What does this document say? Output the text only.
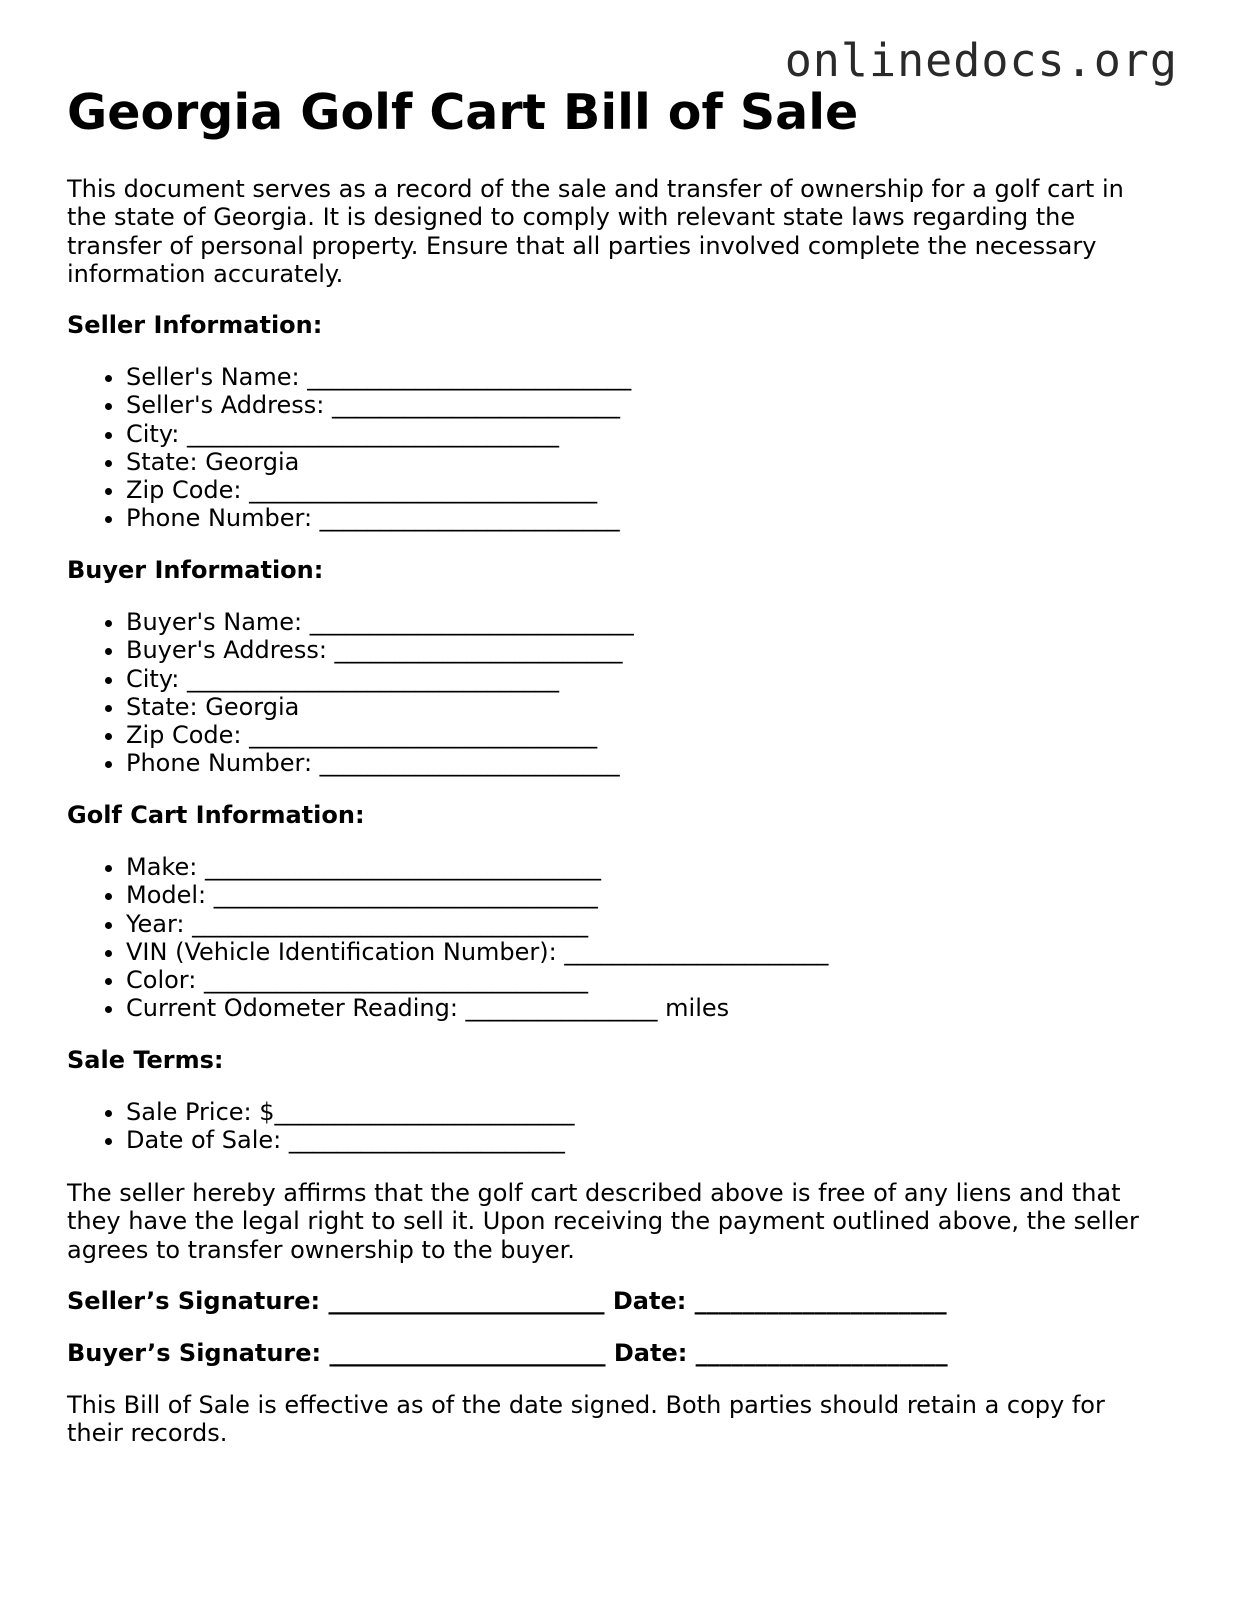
onlinedocs.org
Georgia Golf Cart Bill of Sale

This document serves as a record of the sale and transfer of ownership for a golf cart in the state of Georgia. It is designed to comply with relevant state laws regarding the transfer of personal property. Ensure that all parties involved complete the necessary information accurately.

Seller Information:

• Seller's Name: ___________________________
• Seller's Address: ________________________
• City: _______________________________
• State: Georgia
• Zip Code: _____________________________
• Phone Number: _________________________

Buyer Information:

• Buyer's Name: ___________________________
• Buyer's Address: ________________________
• City: _______________________________
• State: Georgia
• Zip Code: _____________________________
• Phone Number: _________________________

Golf Cart Information:

• Make: _________________________________
• Model: ________________________________
• Year: _________________________________
• VIN (Vehicle Identification Number): ______________________
• Color: ________________________________
• Current Odometer Reading: ________________ miles

Sale Terms:

• Sale Price: $_________________________
• Date of Sale: _______________________

The seller hereby affirms that the golf cart described above is free of any liens and that they have the legal right to sell it. Upon receiving the payment outlined above, the seller agrees to transfer ownership to the buyer.

Seller’s Signature: _______________________ Date: _____________________

Buyer’s Signature: _______________________ Date: _____________________

This Bill of Sale is effective as of the date signed. Both parties should retain a copy for their records.
